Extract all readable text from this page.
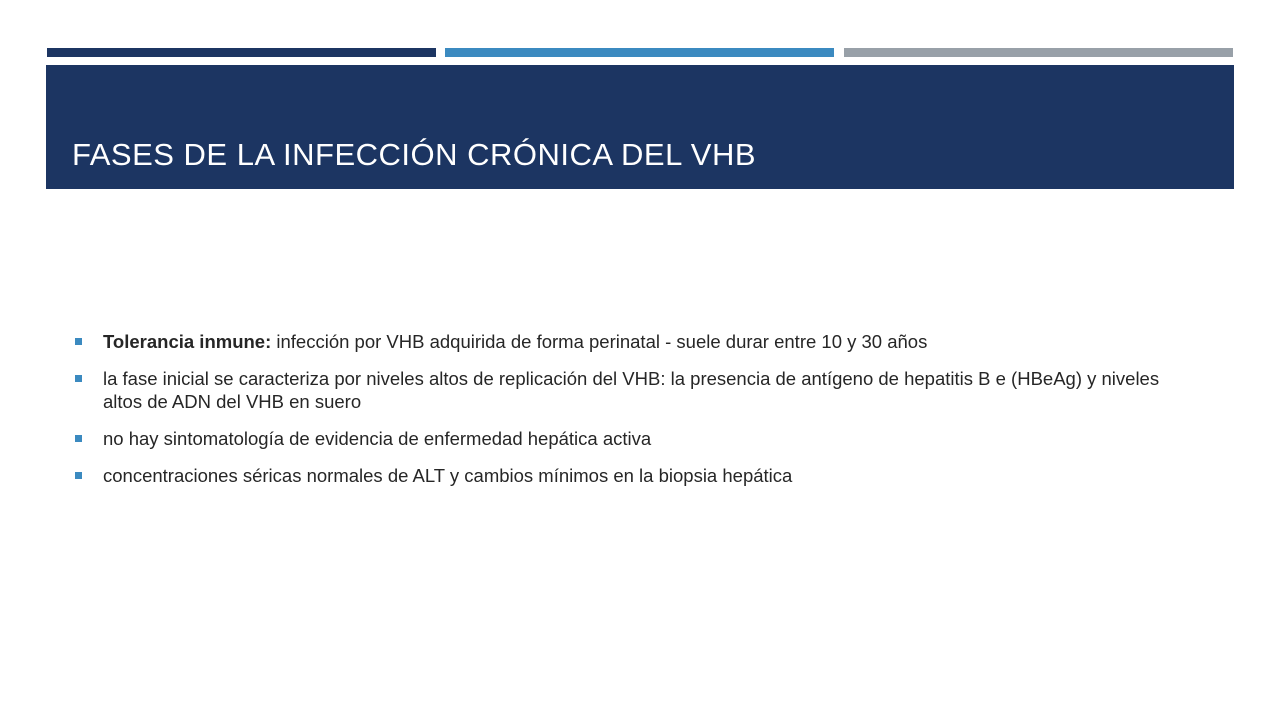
FASES DE LA INFECCIÓN CRÓNICA DEL VHB
Tolerancia inmune: infección por VHB adquirida de forma perinatal - suele durar entre 10 y 30 años
la fase inicial se caracteriza por niveles altos de replicación del VHB: la presencia de antígeno de hepatitis B e (HBeAg) y niveles altos de ADN del VHB en suero
no hay sintomatología de evidencia de enfermedad hepática activa
concentraciones séricas normales de ALT y cambios mínimos en la biopsia hepática
